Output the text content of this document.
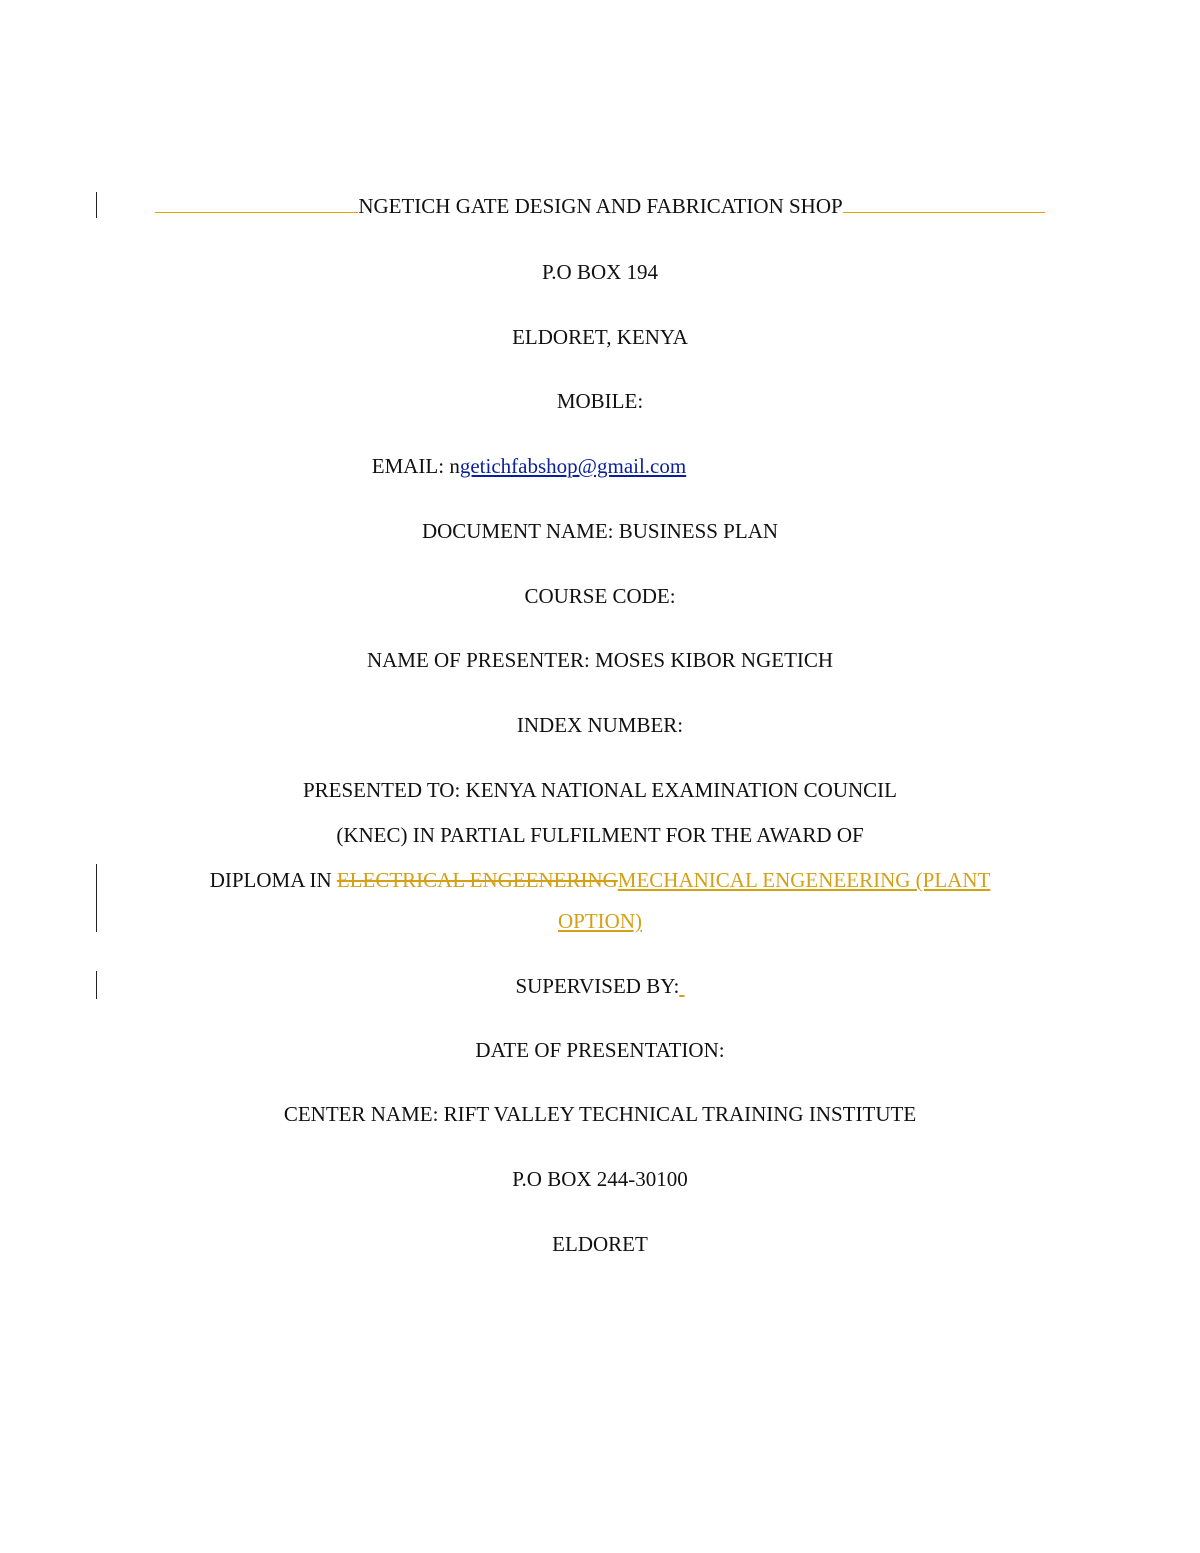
NGETICH GATE DESIGN AND FABRICATION SHOP
P.O BOX 194
ELDORET, KENYA
MOBILE:
EMAIL: ngetichfabshop@gmail.com
DOCUMENT NAME: BUSINESS PLAN
COURSE CODE:
NAME OF PRESENTER: MOSES KIBOR NGETICH
INDEX NUMBER:
PRESENTED TO: KENYA NATIONAL EXAMINATION COUNCIL
(KNEC) IN PARTIAL FULFILMENT FOR THE AWARD OF
DIPLOMA IN ELECTRICAL ENGEENERINGMECHANICAL ENGENEERING (PLANT
OPTION)
SUPERVISED BY:
DATE OF PRESENTATION:
CENTER NAME: RIFT VALLEY TECHNICAL TRAINING INSTITUTE
P.O BOX 244-30100
ELDORET
